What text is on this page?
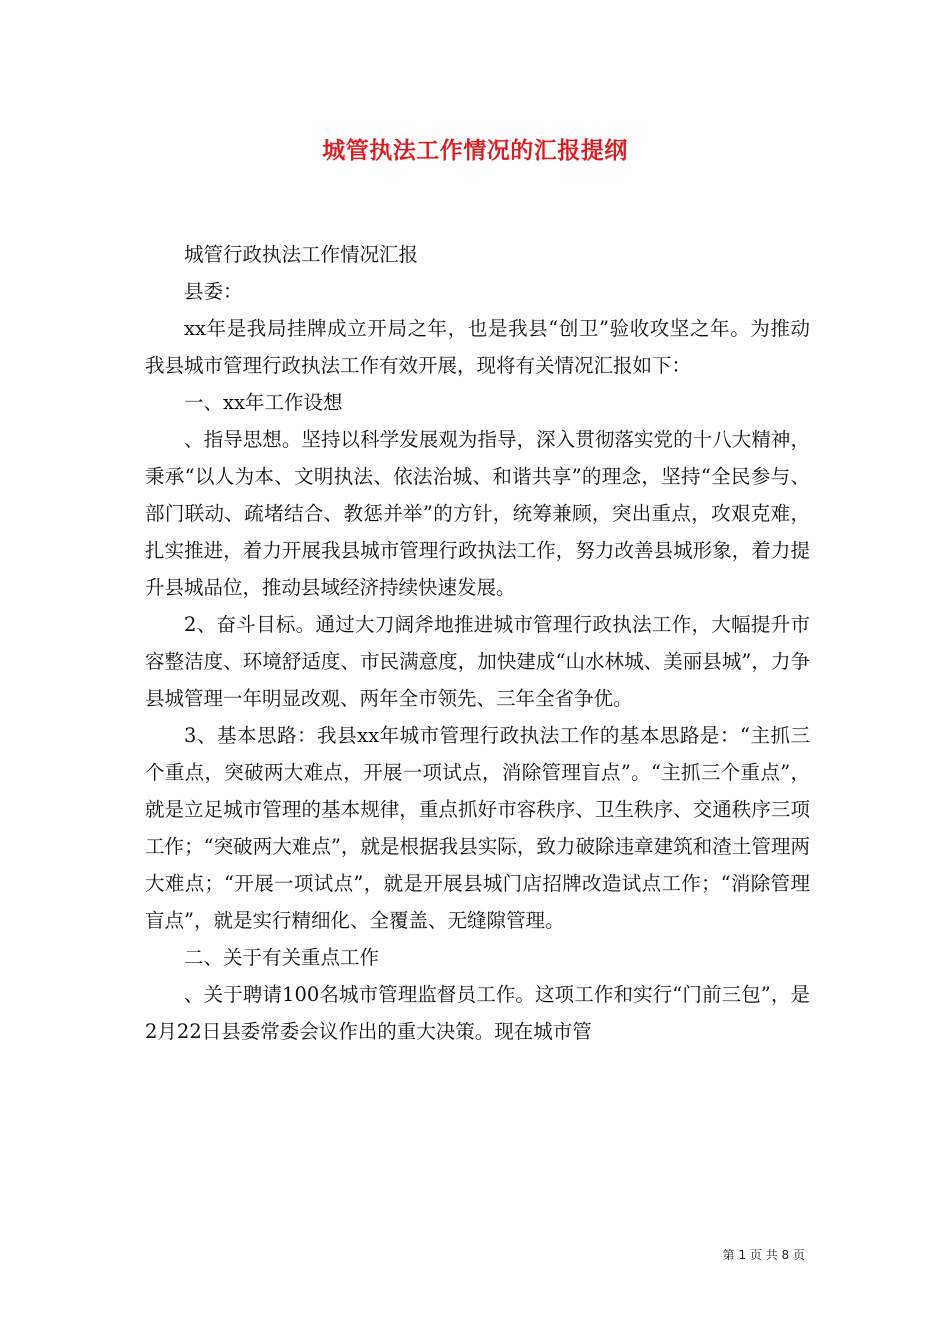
城管执法工作情况的汇报提纲

城管行政执法工作情况汇报

县委：

xx年是我局挂牌成立开局之年，也是我县“创卫”验收攻坚之年。为推动我县城市管理行政执法工作有效开展，现将有关情况汇报如下：

一、xx年工作设想

、指导思想。坚持以科学发展观为指导，深入贯彻落实党的十八大精神，秉承“以人为本、文明执法、依法治城、和谐共享”的理念，坚持“全民参与、部门联动、疏堵结合、教惩并举”的方针，统筹兼顾，突出重点，攻艰克难，扎实推进，着力开展我县城市管理行政执法工作，努力改善县城形象，着力提升县城品位，推动县域经济持续快速发展。

2、奋斗目标。通过大刀阔斧地推进城市管理行政执法工作，大幅提升市容整洁度、环境舒适度、市民满意度，加快建成“山水林城、美丽县城”，力争县城管理一年明显改观、两年全市领先、三年全省争优。

3、基本思路：我县xx年城市管理行政执法工作的基本思路是：“主抓三个重点，突破两大难点，开展一项试点，消除管理盲点”。“主抓三个重点”，就是立足城市管理的基本规律，重点抓好市容秩序、卫生秩序、交通秩序三项工作；“突破两大难点”，就是根据我县实际，致力破除违章建筑和渣土管理两大难点；“开展一项试点”，就是开展县城门店招牌改造试点工作；“消除管理盲点”，就是实行精细化、全覆盖、无缝隙管理。

二、关于有关重点工作

、关于聘请100名城市管理监督员工作。这项工作和实行“门前三包”，是2月22日县委常委会议作出的重大决策。现在城市管

第 1 页 共 8 页
